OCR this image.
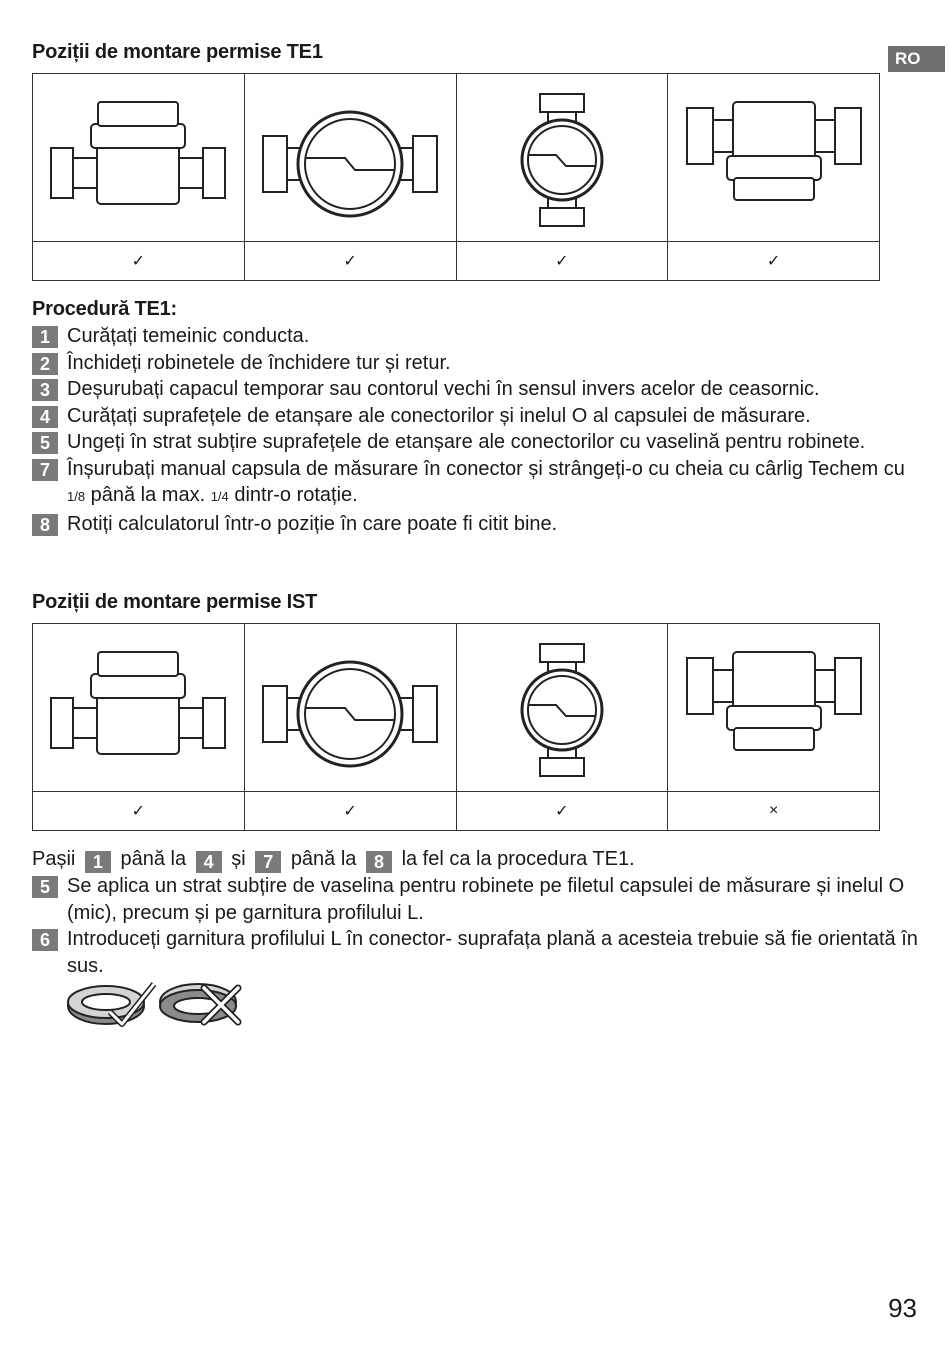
RO
Poziții de montare permise TE1

✓	✓	✓	✓
Procedură TE1:
1 Curățați temeinic conducta.
2 Închideți robinetele de închidere tur și retur.
3 Deșurubați capacul temporar sau contorul vechi în sensul invers acelor de ceasornic.
4 Curățați suprafețele de etanșare ale conectorilor și inelul O al capsulei de măsurare.
5 Ungeți în strat subțire suprafețele de etanșare ale conectorilor cu vaselină pentru robinete.
7 Înșurubați manual capsula de măsurare în conector și strângeți-o cu cheia cu cârlig Techem cu 1/8 până la max. 1/4 dintr-o rotație.
8 Rotiți calculatorul într-o poziție în care poate fi citit bine.
Poziții de montare permise IST

✓	✓	✓	×
Pașii 1 până la 4 și 7 până la 8 la fel ca la procedura TE1.
5 Se aplica un strat subțire de vaselina pentru robinete pe filetul capsulei de măsurare și inelul O (mic), precum și pe garnitura profilului L.
6 Introduceți garnitura profilului L în conector- suprafața plană a acesteia trebuie să fie orientată în sus.
93
